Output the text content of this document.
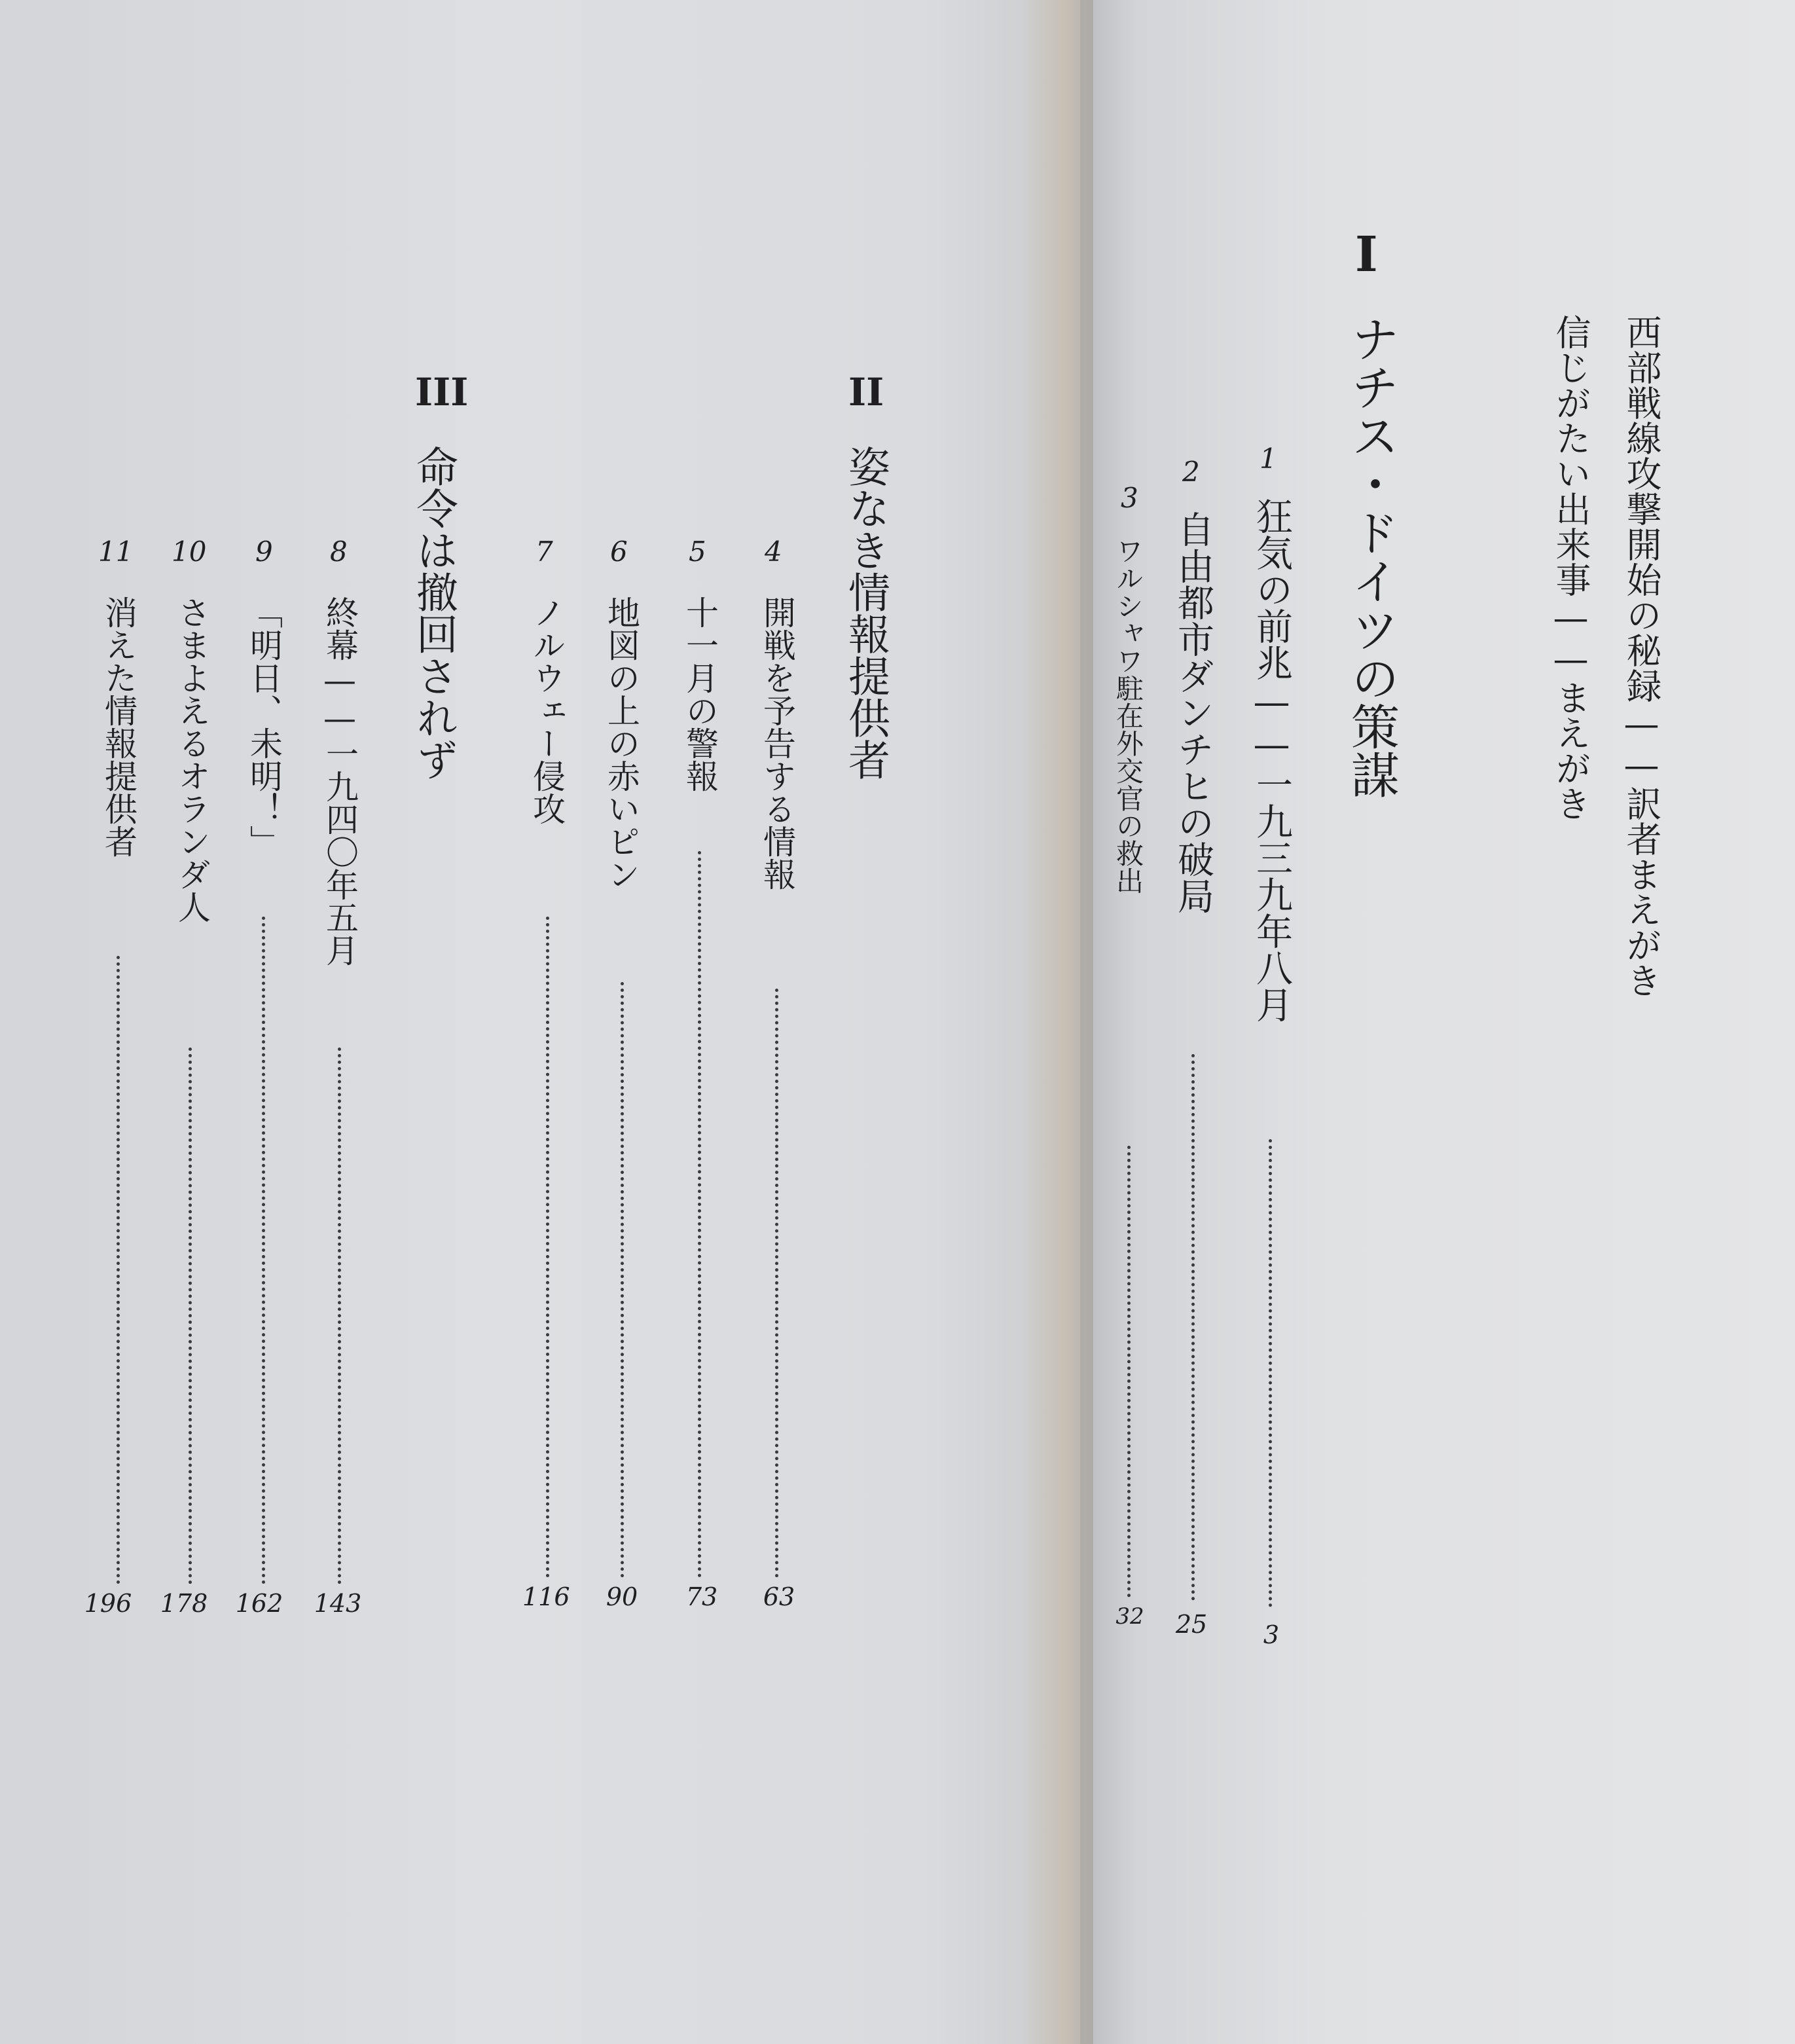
西部戦線攻撃開始の秘録——訳者まえがき
信じがたい出来事——まえがき
I
ナチス・ドイツの策謀
1
狂気の前兆——一九三九年八月
3
2
自由都市ダンチヒの破局
25
3
ワルシャワ駐在外交官の救出
32
II
姿なき情報提供者
4
開戦を予告する情報
63
5
十一月の警報
73
6
地図の上の赤いピン
90
7
ノルウェー侵攻
116
III
命令は撤回されず
8
終幕——一九四〇年五月
143
9
「明日、未明！」
162
10
さまよえるオランダ人
178
11
消えた情報提供者
196
